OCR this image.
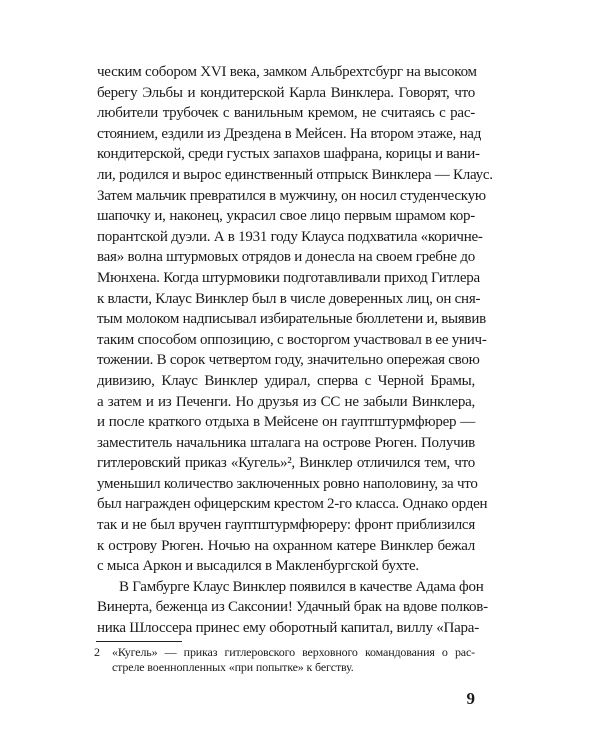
ческим собором XVI века, замком Альбрехтсбург на высоком
берегу Эльбы и кондитерской Карла Винклера. Говорят, что
любители трубочек с ванильным кремом, не считаясь с рас-
стоянием, ездили из Дрездена в Мейсен. На втором этаже, над
кондитерской, среди густых запахов шафрана, корицы и вани-
ли, родился и вырос единственный отпрыск Винклера — Клаус.
Затем мальчик превратился в мужчину, он носил студенческую
шапочку и, наконец, украсил свое лицо первым шрамом кор-
порантской дуэли. А в 1931 году Клауса подхватила «коричне-
вая» волна штурмовых отрядов и донесла на своем гребне до
Мюнхена. Когда штурмовики подготавливали приход Гитлера
к власти, Клаус Винклер был в числе доверенных лиц, он сня-
тым молоком надписывал избирательные бюллетени и, выявив
таким способом оппозицию, с восторгом участвовал в ее унич-
тожении. В сорок четвертом году, значительно опережая свою
дивизию, Клаус Винклер удирал, сперва с Черной Брамы,
а затем и из Печенги. Но друзья из СС не забыли Винклера,
и после краткого отдыха в Мейсене он гауптштурмфюрер —
заместитель начальника шталага на острове Рюген. Получив
гитлеровский приказ «Кугель»², Винклер отличился тем, что
уменьшил количество заключенных ровно наполовину, за что
был награжден офицерским крестом 2-го класса. Однако орден
так и не был вручен гауптштурмфюреру: фронт приблизился
к острову Рюген. Ночью на охранном катере Винклер бежал
с мыса Аркон и высадился в Макленбургской бухте.
В Гамбурге Клаус Винклер появился в качестве Адама фон
Винерта, беженца из Саксонии! Удачный брак на вдове полков-
ника Шлоссера принес ему оборотный капитал, виллу «Пара-
2 «Кугель» — приказ гитлеровского верховного командования о рас-
стреле военнопленных «при попытке» к бегству.
9
